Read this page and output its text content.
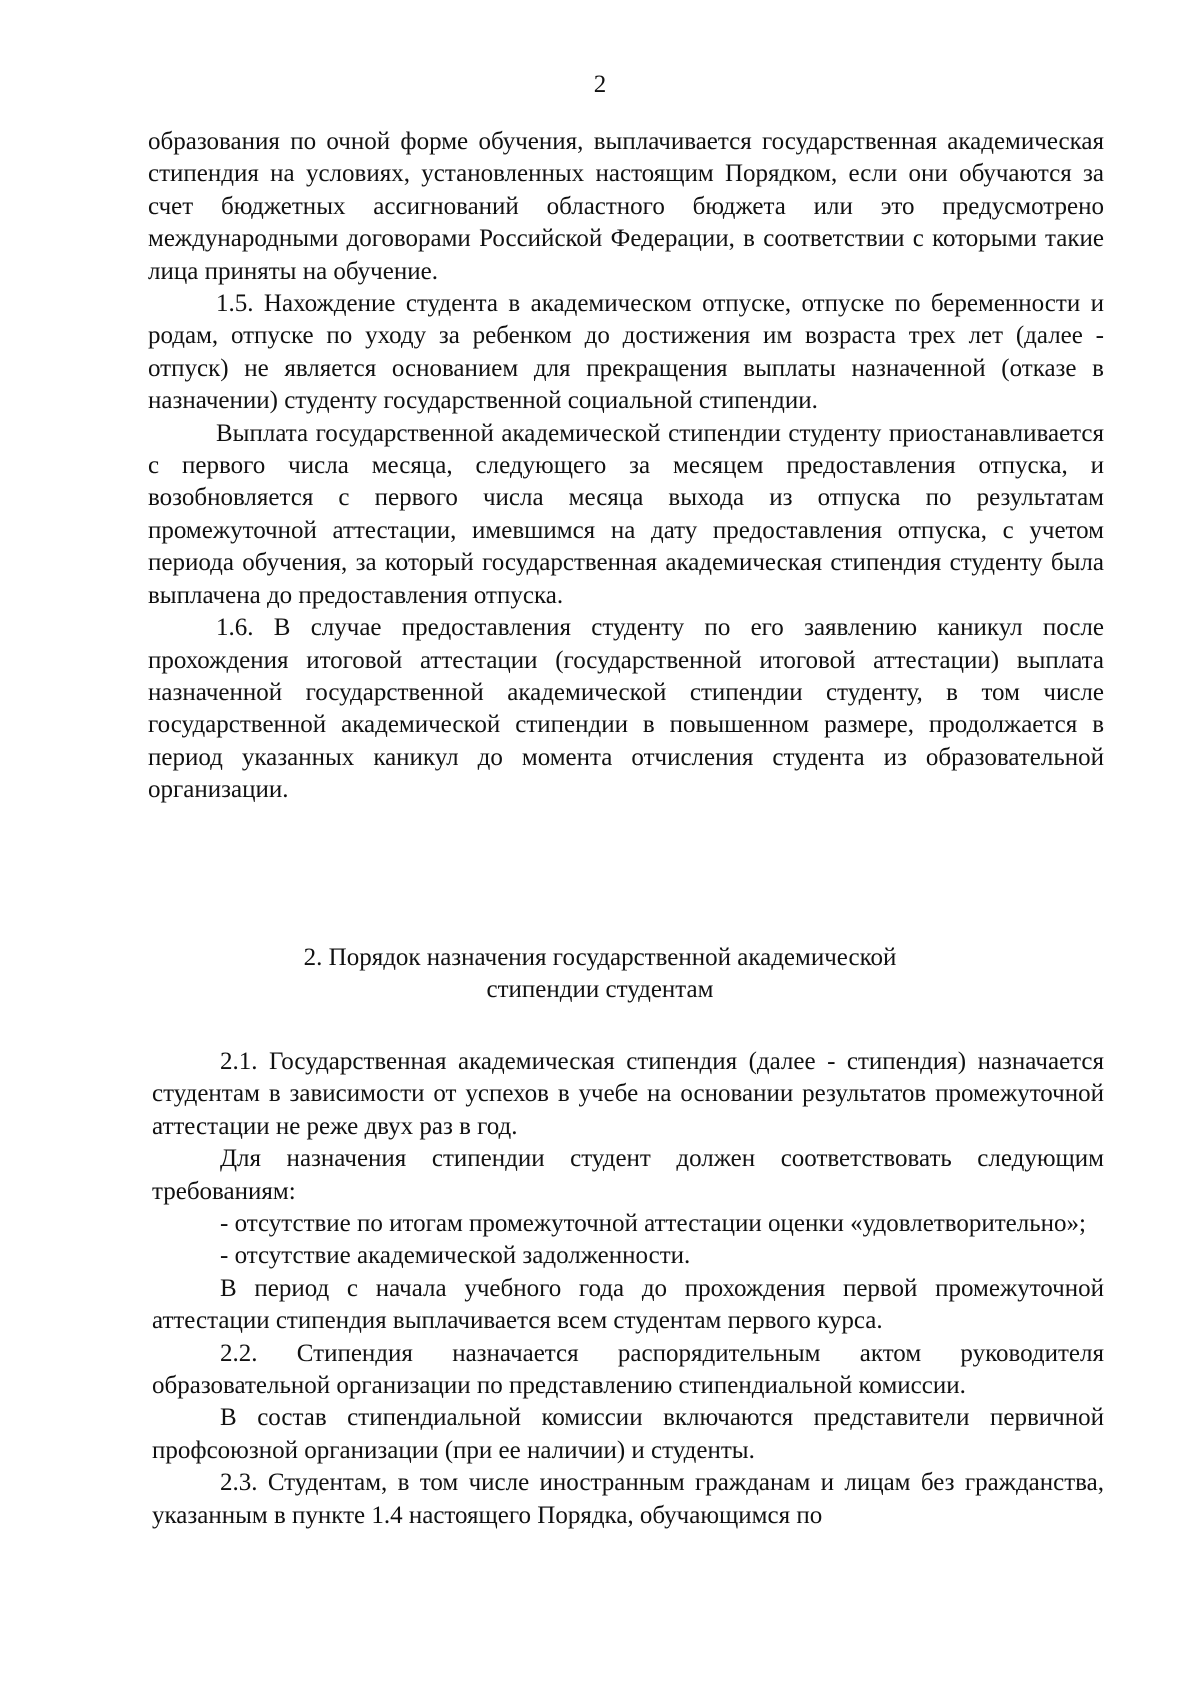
2

образования по очной форме обучения, выплачивается государственная академическая стипендия на условиях, установленных настоящим Порядком, если они обучаются за счет бюджетных ассигнований областного бюджета или это предусмотрено международными договорами Российской Федерации, в соответствии с которыми такие лица приняты на обучение.

1.5. Нахождение студента в академическом отпуске, отпуске по беременности и родам, отпуске по уходу за ребенком до достижения им возраста трех лет (далее - отпуск) не является основанием для прекращения выплаты назначенной (отказе в назначении) студенту государственной социальной стипендии.

Выплата государственной академической стипендии студенту приостанавливается с первого числа месяца, следующего за месяцем предоставления отпуска, и возобновляется с первого числа месяца выхода из отпуска по результатам промежуточной аттестации, имевшимся на дату предоставления отпуска, с учетом периода обучения, за который государственная академическая стипендия студенту была выплачена до предоставления отпуска.

1.6. В случае предоставления студенту по его заявлению каникул после прохождения итоговой аттестации (государственной итоговой аттестации) выплата назначенной государственной академической стипендии студенту, в том числе государственной академической стипендии в повышенном размере, продолжается в период указанных каникул до момента отчисления студента из образовательной организации.

2. Порядок назначения государственной академической
стипендии студентам

2.1. Государственная академическая стипендия (далее - стипендия) назначается студентам в зависимости от успехов в учебе на основании результатов промежуточной аттестации не реже двух раз в год.

Для назначения стипендии студент должен соответствовать следующим требованиям:

- отсутствие по итогам промежуточной аттестации оценки «удовлетворительно»;

- отсутствие академической задолженности.

В период с начала учебного года до прохождения первой промежуточной аттестации стипендия выплачивается всем студентам первого курса.

2.2. Стипендия назначается распорядительным актом руководителя образовательной организации по представлению стипендиальной комиссии.

В состав стипендиальной комиссии включаются представители первичной профсоюзной организации (при ее наличии) и студенты.

2.3. Студентам, в том числе иностранным гражданам и лицам без гражданства, указанным в пункте 1.4 настоящего Порядка, обучающимся по
